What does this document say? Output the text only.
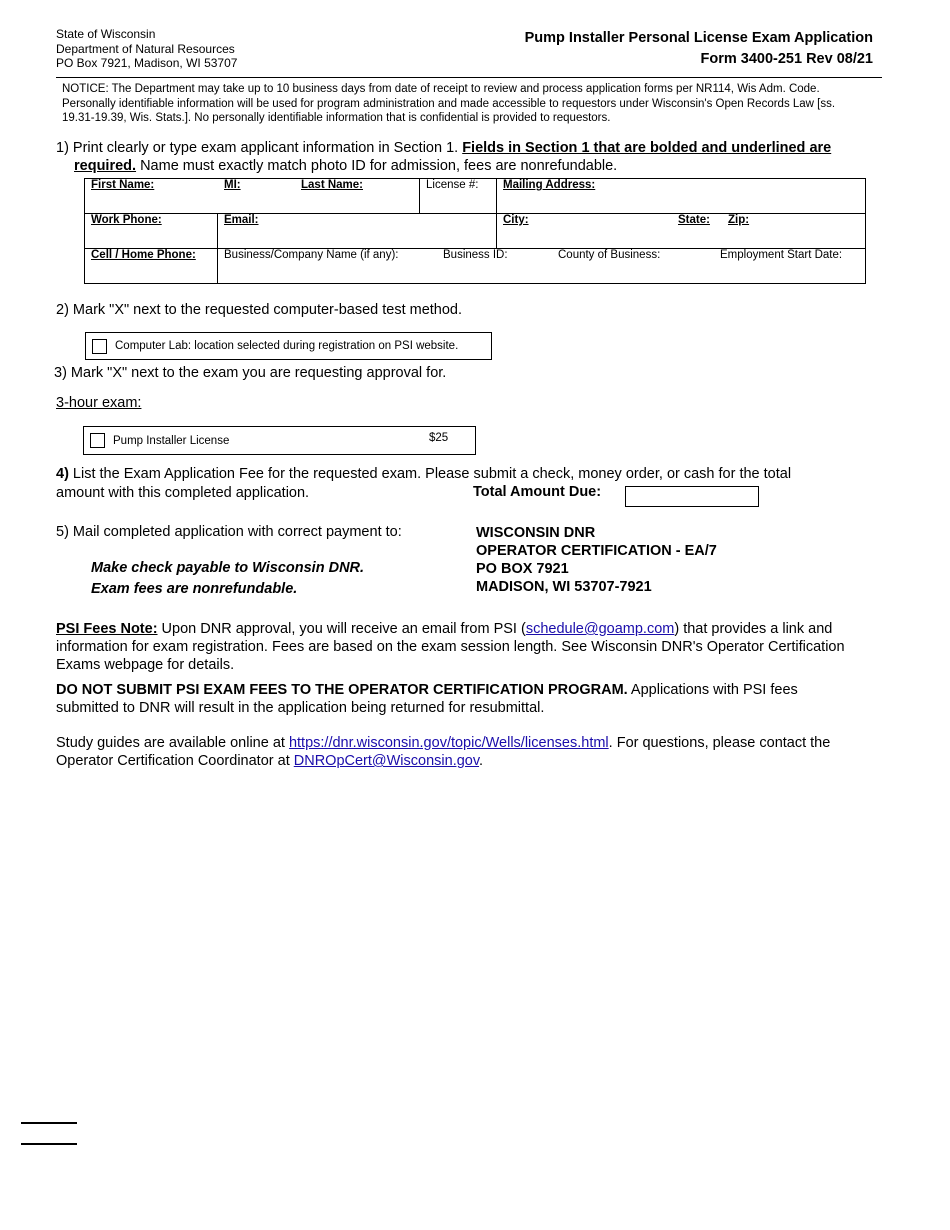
State of Wisconsin
Department of Natural Resources
PO Box 7921, Madison, WI 53707
Pump Installer Personal License Exam Application
Form 3400-251 Rev 08/21
NOTICE: The Department may take up to 10 business days from date of receipt to review and process application forms per NR114, Wis Adm. Code. Personally identifiable information will be used for program administration and made accessible to requestors under Wisconsin's Open Records Law [ss. 19.31-19.39, Wis. Stats.]. No personally identifiable information that is confidential is provided to requestors.
1) Print clearly or type exam applicant information in Section 1. Fields in Section 1 that are bolded and underlined are
required. Name must exactly match photo ID for admission, fees are nonrefundable.
First Name: MI: Last Name:		License #:	Mailing Address:
Work Phone:	Email:		City: State: Zip:

Cell / Home Phone:	Business/Company Name (if any): Business ID: County of Business: Employment Start Date:		
2) Mark "X" next to the requested computer-based test method.
Computer Lab: location selected during registration on PSI website.
3) Mark "X" next to the exam you are requesting approval for.
3-hour exam:
Pump Installer License	$25
4) List the Exam Application Fee for the requested exam. Please submit a check, money order, or cash for the total amount with this completed application.	Total Amount Due:
5) Mail completed application with correct payment to:
Make check payable to Wisconsin DNR.
Exam fees are nonrefundable.
WISCONSIN DNR
OPERATOR CERTIFICATION - EA/7
PO BOX 7921
MADISON, WI 53707-7921
PSI Fees Note: Upon DNR approval, you will receive an email from PSI (schedule@goamp.com) that provides a link and information for exam registration. Fees are based on the exam session length. See Wisconsin DNR's Operator Certification Exams webpage for details.
DO NOT SUBMIT PSI EXAM FEES TO THE OPERATOR CERTIFICATION PROGRAM. Applications with PSI fees submitted to DNR will result in the application being returned for resubmittal.
Study guides are available online at https://dnr.wisconsin.gov/topic/Wells/licenses.html. For questions, please contact the Operator Certification Coordinator at DNROpCert@Wisconsin.gov.
